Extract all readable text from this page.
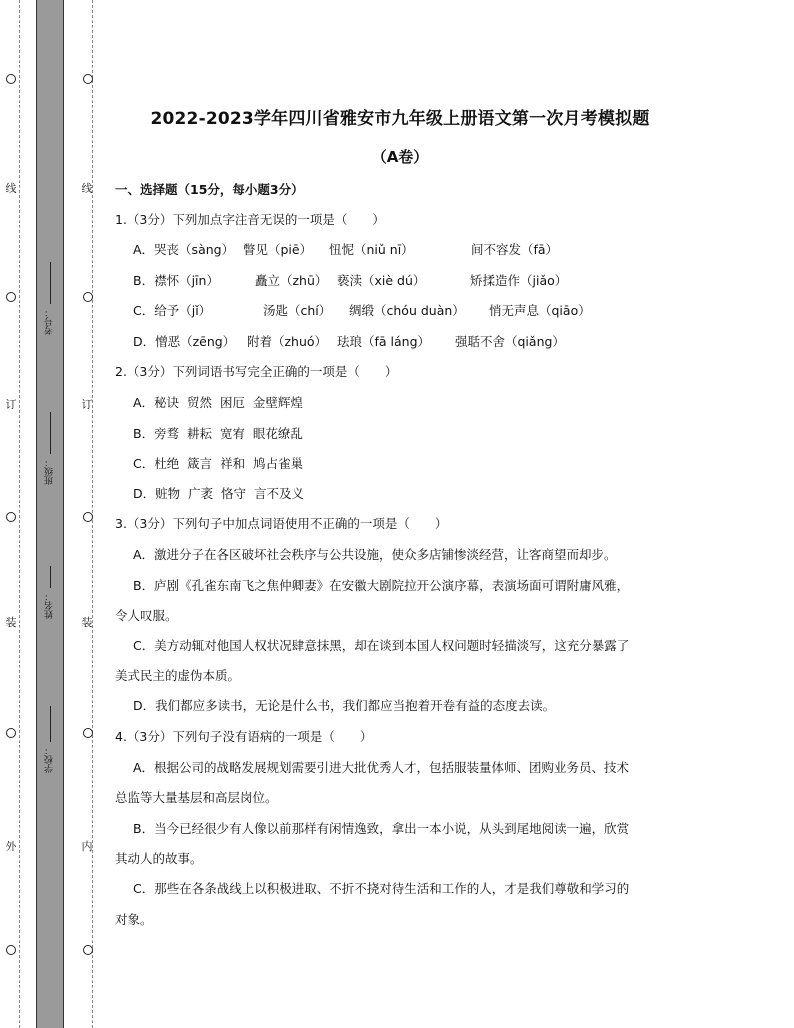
线
订
装
外
线
订
装
内
考号：
班级：
姓名：
学校：
2022-2023学年四川省雅安市九年级上册语文第一次月考模拟题
（A卷）
一、选择题（15分，每小题3分）
1.（3分）下列加点字注音无误的一项是（　　）
A．哭丧（sàng） 瞥见（piē） 忸怩（niǔ nī）	间不容发（fā）
B．襟怀（jīn）	矗立（zhū） 亵渎（xiè dú）	矫揉造作（jiǎo）
C．给予（jǐ）	汤匙（chí） 绸缎（chóu duàn） 悄无声息（qiāo）
D．憎恶（zēng） 附着（zhuó） 珐琅（fā láng） 强聒不舍（qiǎng）
2.（3分）下列词语书写完全正确的一项是（　　）
A．秘诀  贸然  困厄  金壁辉煌
B．旁骛  耕耘  宽宥  眼花缭乱
C．杜绝  箴言  祥和  鸠占雀巢
D．赃物  广袤  恪守  言不及义
3.（3分）下列句子中加点词语使用不正确的一项是（　　）
A．激进分子在各区破坏社会秩序与公共设施，使众多店铺惨淡经营，让客商望而却步。
B．庐剧《孔雀东南飞之焦仲卿妻》在安徽大剧院拉开公演序幕，表演场面可谓附庸风雅，
令人叹服。
C．美方动辄对他国人权状况肆意抹黑，却在谈到本国人权问题时轻描淡写，这充分暴露了
美式民主的虚伪本质。
D．我们都应多读书，无论是什么书，我们都应当抱着开卷有益的态度去读。
4.（3分）下列句子没有语病的一项是（　　）
A．根据公司的战略发展规划需要引进大批优秀人才，包括服装量体师、团购业务员、技术
总监等大量基层和高层岗位。
B．当今已经很少有人像以前那样有闲情逸致，拿出一本小说，从头到尾地阅读一遍，欣赏
其动人的故事。
C．那些在各条战线上以积极进取、不折不挠对待生活和工作的人，才是我们尊敬和学习的
对象。
